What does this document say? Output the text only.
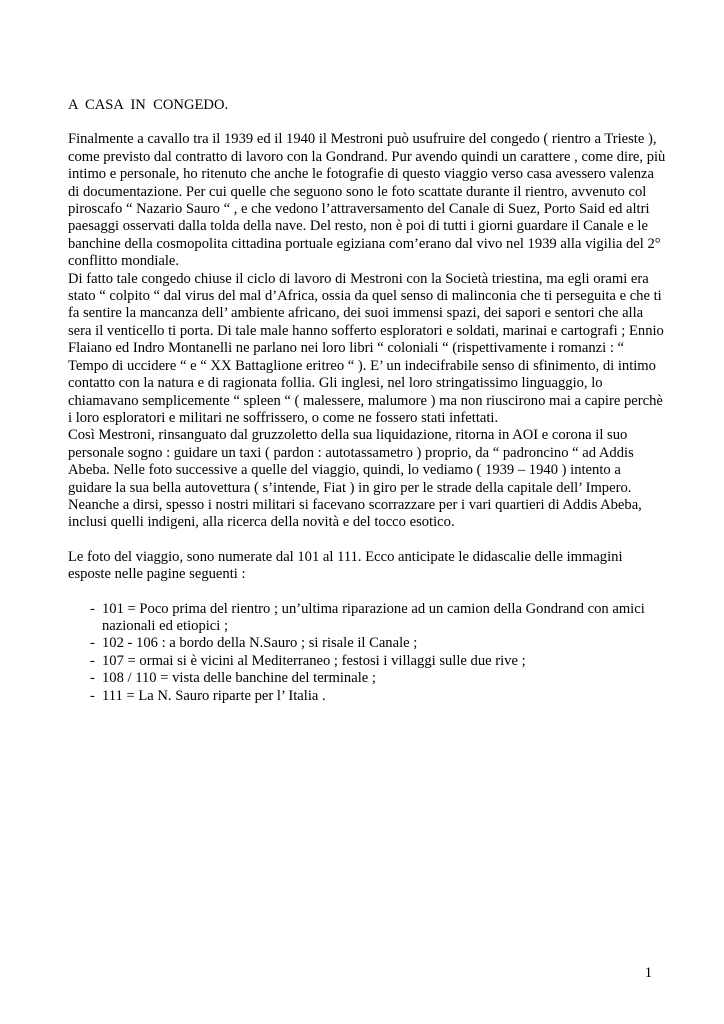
A  CASA  IN  CONGEDO.

Finalmente a cavallo tra il 1939 ed il 1940 il Mestroni può usufruire del congedo ( rientro a Trieste ), come previsto dal contratto di lavoro con la Gondrand. Pur avendo quindi un carattere , come dire, più intimo e personale, ho ritenuto che anche le fotografie di questo viaggio verso casa avessero valenza di documentazione. Per cui quelle che seguono sono le foto scattate durante il rientro, avvenuto col piroscafo “ Nazario Sauro “ , e che vedono l’attraversamento del Canale di Suez, Porto Said ed altri paesaggi osservati dalla tolda della nave. Del resto, non è poi di tutti i giorni guardare il Canale e le banchine della cosmopolita cittadina portuale egiziana com’erano dal vivo nel 1939 alla vigilia del 2° conflitto mondiale.

Di fatto tale congedo chiuse il ciclo di lavoro di Mestroni con la Società triestina, ma egli orami era stato “ colpito “ dal virus del mal d’Africa, ossia da quel senso di malinconia che ti perseguita e che ti fa sentire la mancanza dell’ ambiente africano, dei suoi immensi spazi, dei sapori e sentori che alla sera il venticello ti porta. Di tale male hanno sofferto esploratori e soldati, marinai e cartografi ; Ennio Flaiano ed Indro Montanelli ne parlano nei loro libri “ coloniali “ (rispettivamente i romanzi : “ Tempo di uccidere “ e “ XX Battaglione eritreo “ ). E’ un indecifrabile senso di sfinimento, di intimo contatto con la natura e di ragionata follia. Gli inglesi, nel loro stringatissimo linguaggio, lo chiamavano semplicemente “ spleen “ ( malessere, malumore ) ma non riuscirono mai a capire perchè i loro esploratori e militari ne soffrissero, o come ne fossero stati infettati.

Così Mestroni, rinsanguato dal gruzzoletto della sua liquidazione, ritorna in AOI e corona il suo personale sogno : guidare un taxi ( pardon : autotassametro ) proprio, da “ padroncino “ ad Addis Abeba. Nelle foto successive a quelle del viaggio, quindi, lo vediamo ( 1939 – 1940 ) intento a guidare la sua bella autovettura ( s’intende, Fiat ) in giro per le strade della capitale dell’ Impero. Neanche a dirsi, spesso i nostri militari si facevano scorrazzare per i vari quartieri di Addis Abeba, inclusi quelli indigeni, alla ricerca della novità e del tocco esotico.

Le foto del viaggio, sono numerate dal 101 al 111. Ecco anticipate le didascalie delle immagini esposte nelle pagine seguenti :

- 101 = Poco prima del rientro ; un’ultima riparazione ad un camion della Gondrand con amici nazionali ed etiopici ;
- 102 - 106 : a bordo della N.Sauro ; si risale il Canale ;
- 107 = ormai si è vicini al Mediterraneo ; festosi i villaggi sulle due rive ;
- 108 / 110 = vista delle banchine del terminale ;
- 111 = La N. Sauro riparte per l’ Italia .
1
